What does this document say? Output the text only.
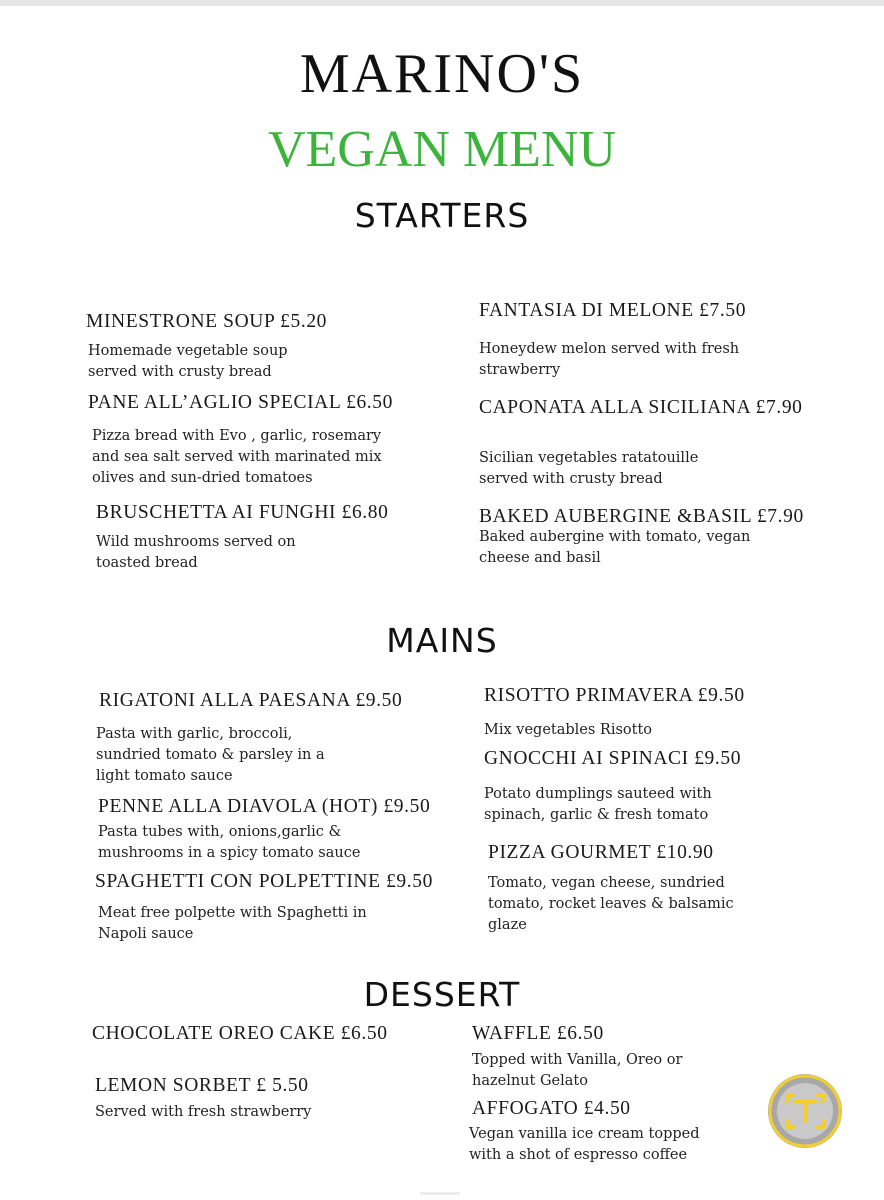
MARINO'S
VEGAN MENU
STARTERS
MINESTRONE SOUP £5.20
Homemade vegetable soup
served with crusty bread
PANE ALL’AGLIO SPECIAL £6.50
Pizza bread with Evo , garlic, rosemary
and sea salt served with marinated mix
olives and sun-dried tomatoes
BRUSCHETTA AI FUNGHI £6.80
Wild mushrooms served on
toasted bread
FANTASIA DI MELONE £7.50
Honeydew melon served with fresh
strawberry
CAPONATA ALLA SICILIANA £7.90
Sicilian vegetables ratatouille
served with crusty bread
BAKED AUBERGINE &BASIL £7.90
Baked aubergine with tomato, vegan
cheese and basil
MAINS
RIGATONI ALLA PAESANA £9.50
Pasta with garlic, broccoli,
sundried tomato & parsley in a
light tomato sauce
PENNE ALLA DIAVOLA (HOT) £9.50
Pasta tubes with, onions,garlic &
mushrooms in a spicy tomato sauce
SPAGHETTI CON POLPETTINE £9.50
Meat free polpette with Spaghetti in
Napoli sauce
RISOTTO PRIMAVERA £9.50
Mix vegetables Risotto
GNOCCHI AI SPINACI £9.50
Potato dumplings sauteed with
spinach, garlic & fresh tomato
PIZZA GOURMET £10.90
Tomato, vegan cheese, sundried
tomato, rocket leaves & balsamic
glaze
DESSERT
CHOCOLATE OREO CAKE £6.50
LEMON SORBET £ 5.50
Served with fresh strawberry
WAFFLE £6.50
Topped with Vanilla, Oreo or
hazelnut Gelato
AFFOGATO £4.50
Vegan vanilla ice cream topped
with a shot of espresso coffee
